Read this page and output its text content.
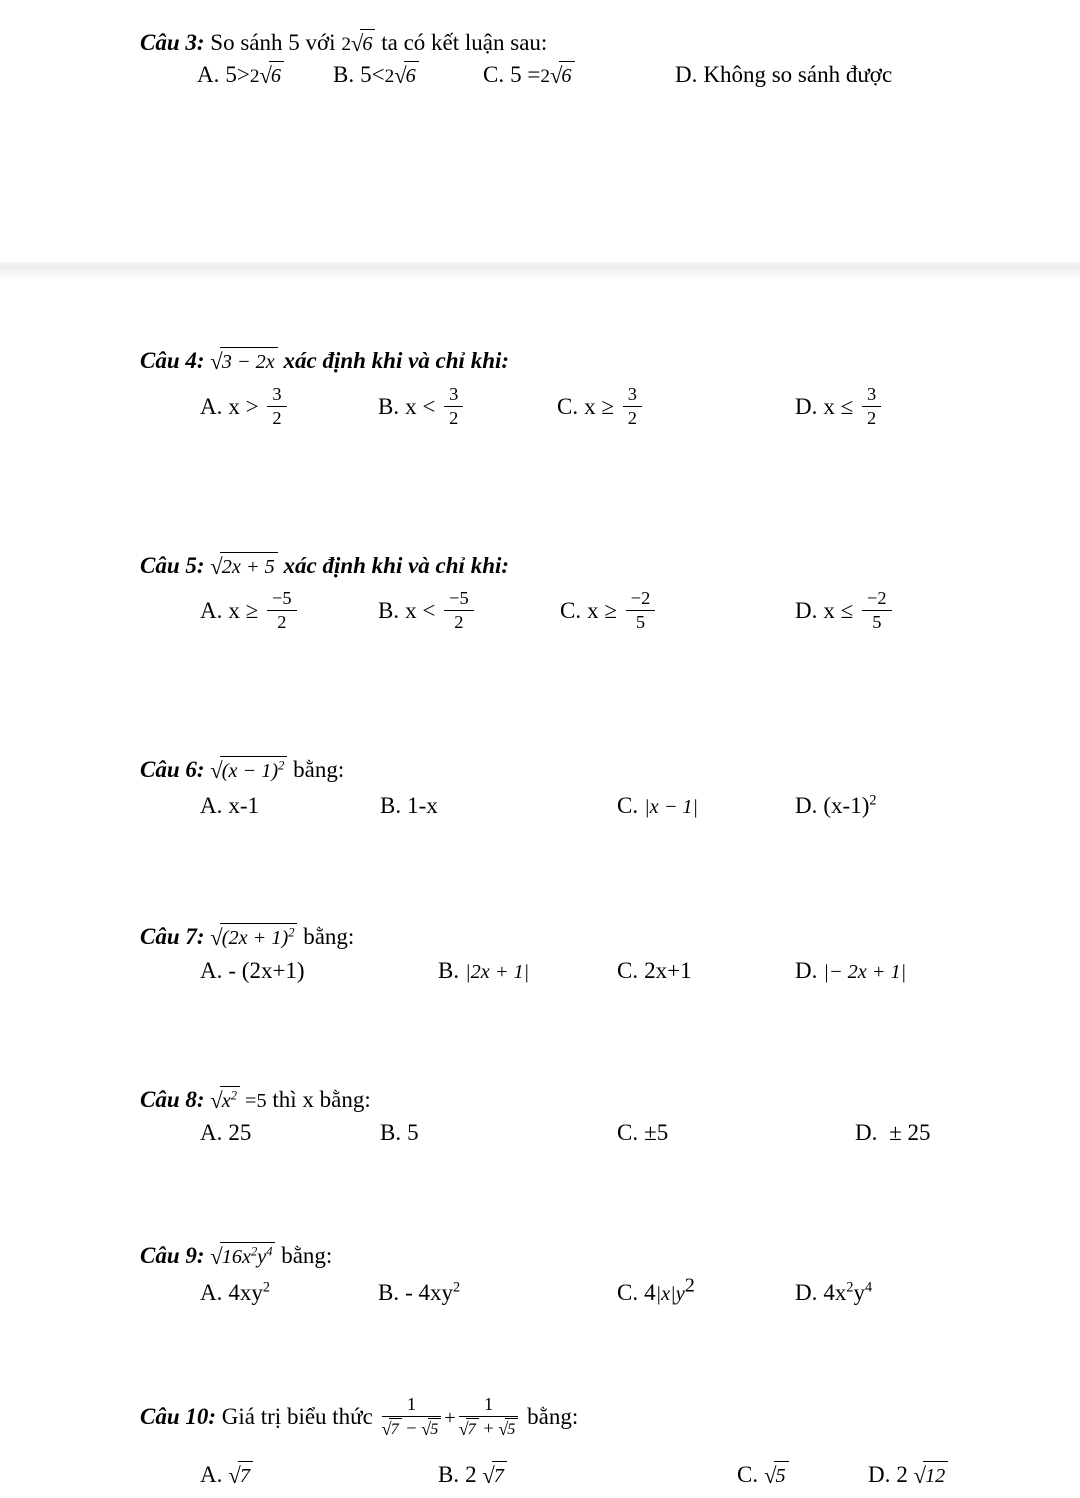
Câu 3: So sánh 5 với 2√6 ta có kết luận sau:
A. 5>2√6 B. 5<2√6	C. 5 =2√6	D. Không so sánh được
Câu 4: √3 − 2x xác định khi và chỉ khi:
A. $x > \frac{3}{2}$	B. $x < \frac{3}{2}$	C. $x \ge \frac{3}{2}$	D. $x \le \frac{3}{2}$
Câu 5: √2x + 5 xác định khi và chỉ khi:
A. $x \ge \frac{-5}{2}$	B. $x < \frac{-5}{2}$	C. $x \ge \frac{-2}{5}$	D. $x \le \frac{-2}{5}$
Câu 6: $√(x - 1)^2$ bằng:
A. x-1	B. 1-x	C. |x − 1|	D. $(x-1)^2$
Câu 7: $√(2x + 1)^2$ bằng:
A. - (2x+1)	B. |2x + 1|	C. 2x+1	D. |− 2x + 1|
Câu 8: $√x^2 =5$ thì x bằng:
A. 25	B. 5	C. ±5	D. ± 25
Câu 9: $√16x^2y^4$ bằng:
A. $4xy^2$	B. - $4xy^2$	C. $4|x|y^2$	D. $4x^2y^4$
Câu 10: Giá trị biểu thức $\frac{1}{√7 - √5} + \frac{1}{√7 + √5}$ bằng:
A. √7	B. 2 √7	C. √5	D. 2 √12
